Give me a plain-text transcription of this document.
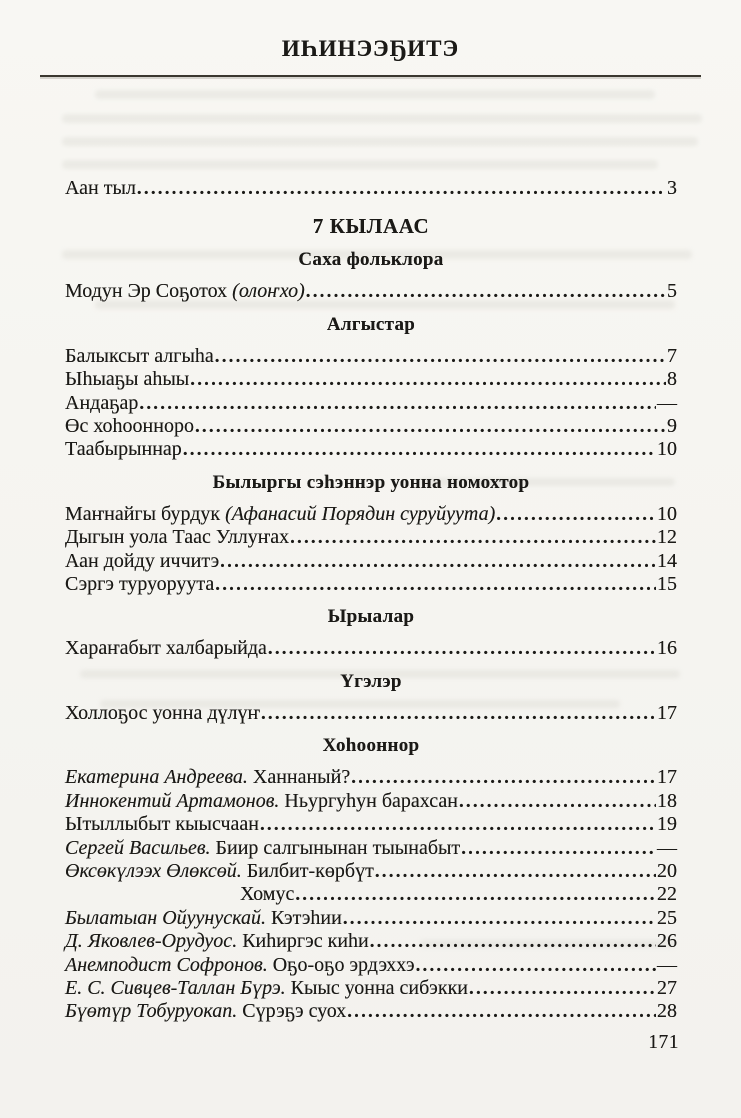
ИҺИНЭЭҔИТЭ
Аан тыл .....	3
7 КЫЛААС
Саха фольклора
Модун Эр Соҕотох (олоҥхо) .....	5
Алгыстар
Балыксыт алгыһа .....	7
Ыһыаҕы аһыы .....	8
Андаҕар .....	—
Өс хоһоонноро .....	9
Таабырыннар .....	10
Былыргы сэһэннэр уонна номохтор
Маҥнайгы бурдук (Афанасий Порядин суруйуута) .....	10
Дыгын уола Таас Уллуҥах .....	12
Аан дойду иччитэ .....	14
Сэргэ туруоруута .....	15
Ырыалар
Хараҥабыт халбарыйда .....	16
Үгэлэр
Холлоҕос уонна дүлүҥ .....	17
Хоһооннор
Екатерина Андреева. Ханнаный? .....	17
Иннокентий Артамонов. Ньургуһун барахсан .....	18
Ытыллыбыт кыысчаан .....	19
Сергей Васильев. Биир салгынынан тыынабыт .....	—
Өксөкүлээх Өлөксөй. Билбит-көрбүт .....	20
Хомус .....	22
Былатыан Ойуунускай. Кэтэһии .....	25
Д. Яковлев-Орудуос. Киһиргэс киһи .....	26
Анемподист Софронов. Оҕо-оҕо эрдэххэ .....	—
Е. С. Сивцев-Таллан Бүрэ. Кыыс уонна сибэкки .....	27
Бүөтүр Тобуруокап. Сүрэҕэ суох .....	28
171
